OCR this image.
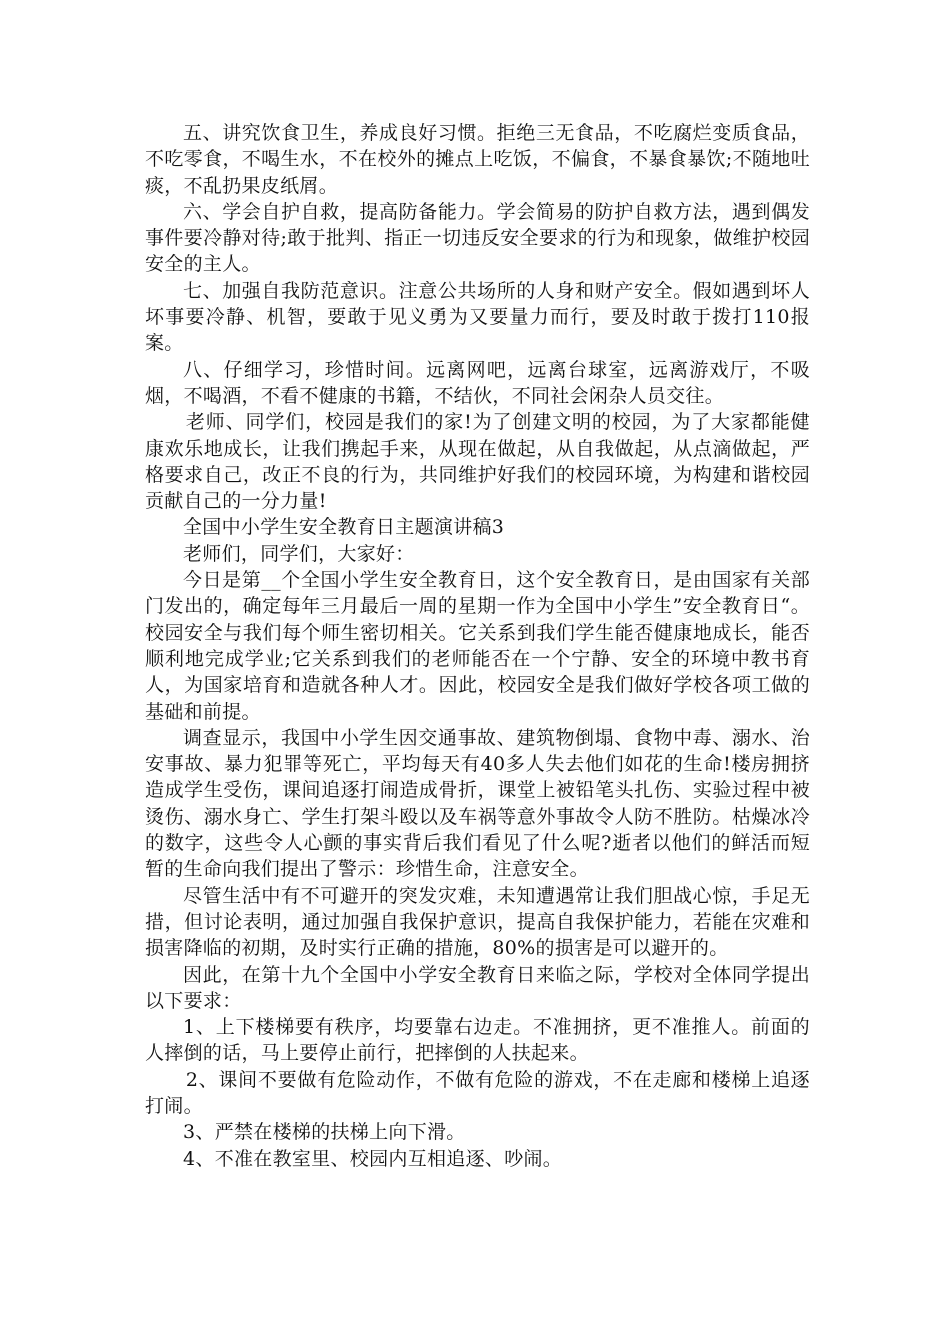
五、讲究饮食卫生，养成良好习惯。拒绝三无食品，不吃腐烂变质食品，不吃零食，不喝生水，不在校外的摊点上吃饭，不偏食，不暴食暴饮;不随地吐痰，不乱扔果皮纸屑。

六、学会自护自救，提高防备能力。学会简易的防护自救方法，遇到偶发事件要冷静对待;敢于批判、指正一切违反安全要求的行为和现象，做维护校园安全的主人。

七、加强自我防范意识。注意公共场所的人身和财产安全。假如遇到坏人坏事要冷静、机智，要敢于见义勇为又要量力而行，要及时敢于拨打110报案。

八、仔细学习，珍惜时间。远离网吧，远离台球室，远离游戏厅，不吸烟，不喝酒，不看不健康的书籍，不结伙，不同社会闲杂人员交往。

老师、同学们，校园是我们的家!为了创建文明的校园，为了大家都能健康欢乐地成长，让我们携起手来，从现在做起，从自我做起，从点滴做起，严格要求自己，改正不良的行为，共同维护好我们的校园环境，为构建和谐校园贡献自己的一分力量!

全国中小学生安全教育日主题演讲稿3

老师们，同学们，大家好：

今日是第__个全国小学生安全教育日，这个安全教育日，是由国家有关部门发出的，确定每年三月最后一周的星期一作为全国中小学生”安全教育日“。校园安全与我们每个师生密切相关。它关系到我们学生能否健康地成长，能否顺利地完成学业;它关系到我们的老师能否在一个宁静、安全的环境中教书育人，为国家培育和造就各种人才。因此，校园安全是我们做好学校各项工做的基础和前提。

调查显示，我国中小学生因交通事故、建筑物倒塌、食物中毒、溺水、治安事故、暴力犯罪等死亡，平均每天有40多人失去他们如花的生命!楼房拥挤造成学生受伤，课间追逐打闹造成骨折，课堂上被铅笔头扎伤、实验过程中被烫伤、溺水身亡、学生打架斗殴以及车祸等意外事故令人防不胜防。枯燥冰冷的数字，这些令人心颤的事实背后我们看见了什么呢?逝者以他们的鲜活而短暂的生命向我们提出了警示：珍惜生命，注意安全。

尽管生活中有不可避开的突发灾难，未知遭遇常让我们胆战心惊，手足无措，但讨论表明，通过加强自我保护意识，提高自我保护能力，若能在灾难和损害降临的初期，及时实行正确的措施，80%的损害是可以避开的。

因此，在第十九个全国中小学安全教育日来临之际，学校对全体同学提出以下要求：

1、上下楼梯要有秩序，均要靠右边走。不准拥挤，更不准推人。前面的人摔倒的话，马上要停止前行，把摔倒的人扶起来。

2、课间不要做有危险动作，不做有危险的游戏，不在走廊和楼梯上追逐打闹。

3、严禁在楼梯的扶梯上向下滑。

4、不准在教室里、校园内互相追逐、吵闹。
